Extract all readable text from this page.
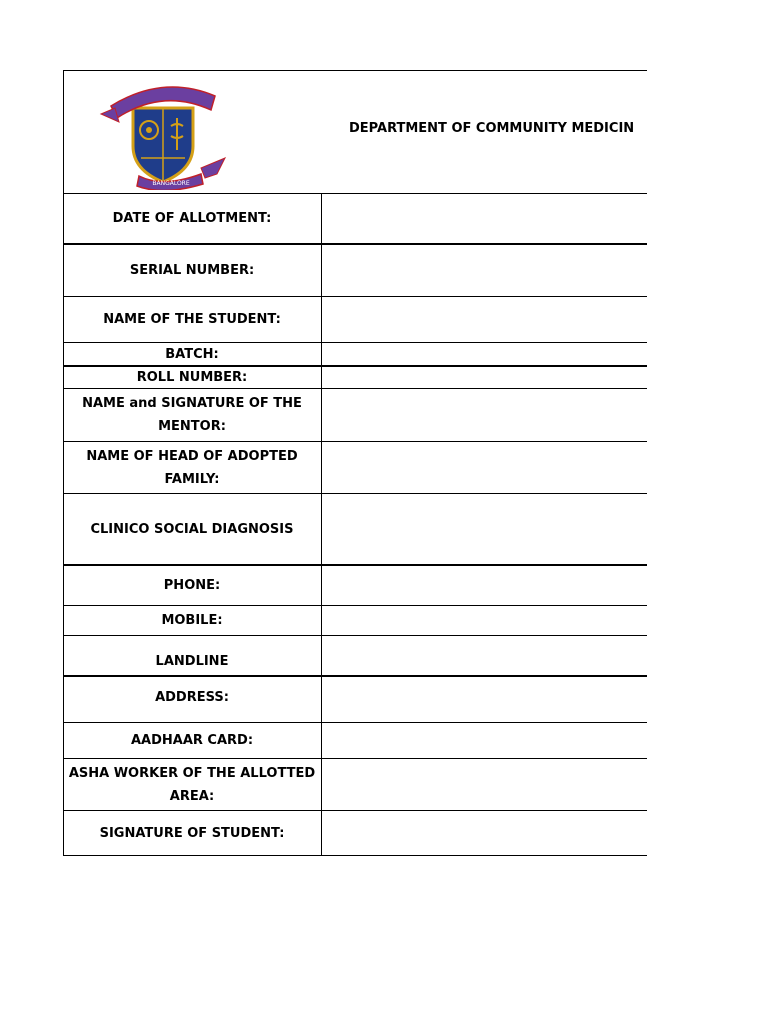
BANGALORE
DEPARTMENT OF COMMUNITY MEDICIN
DATE OF ALLOTMENT:
SERIAL NUMBER:
NAME OF THE STUDENT:
BATCH:
ROLL NUMBER:
NAME and SIGNATURE OF THE MENTOR:
NAME OF HEAD OF ADOPTED FAMILY:
CLINICO SOCIAL DIAGNOSIS
PHONE:
MOBILE:
LANDLINE
ADDRESS:
AADHAAR CARD:
ASHA WORKER OF THE ALLOTTED AREA:
SIGNATURE OF STUDENT:
